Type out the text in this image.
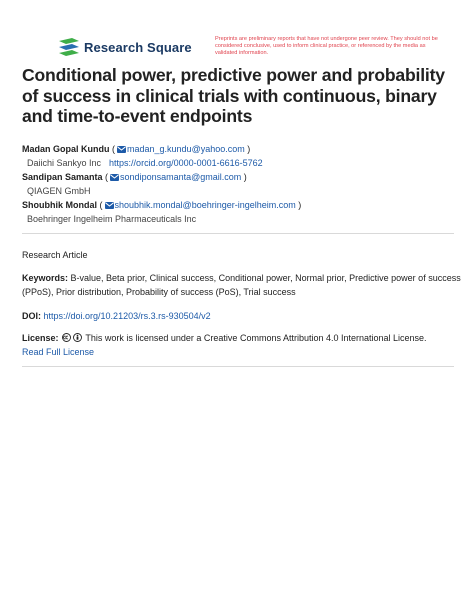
Research Square
Preprints are preliminary reports that have not undergone peer review. They should not be considered conclusive, used to inform clinical practice, or referenced by the media as validated information.
Conditional power, predictive power and probability of success in clinical trials with continuous, binary and time-to-event endpoints
Madan Gopal Kundu ( madan_g.kundu@yahoo.com )
Daiichi Sankyo Inc https://orcid.org/0000-0001-6616-5762
Sandipan Samanta ( sondiponsamanta@gmail.com )
QIAGEN GmbH
Shoubhik Mondal ( shoubhik.mondal@boehringer-ingelheim.com )
Boehringer Ingelheim Pharmaceuticals Inc
Research Article
Keywords: B-value, Beta prior, Clinical success, Conditional power, Normal prior, Predictive power of success (PPoS), Prior distribution, Probability of success (PoS), Trial success
DOI: https://doi.org/10.21203/rs.3.rs-930504/v2
License:	This work is licensed under a Creative Commons Attribution 4.0 International License.
Read Full License
